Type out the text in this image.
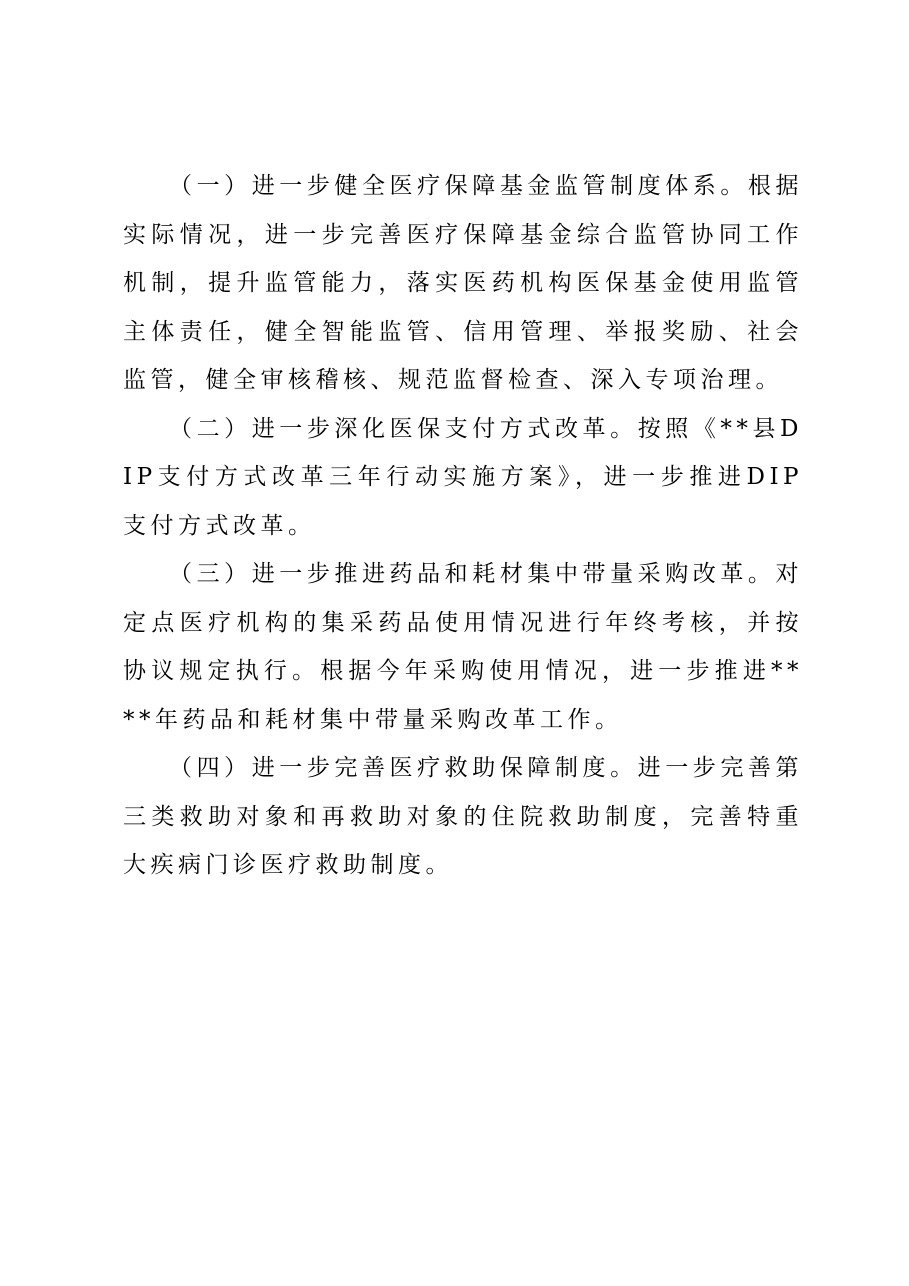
（一）进一步健全医疗保障基金监管制度体系。根据实际情况，进一步完善医疗保障基金综合监管协同工作机制，提升监管能力，落实医药机构医保基金使用监管主体责任，健全智能监管、信用管理、举报奖励、社会监管，健全审核稽核、规范监督检查、深入专项治理。

（二）进一步深化医保支付方式改革。按照《**县DIP支付方式改革三年行动实施方案》，进一步推进DIP支付方式改革。

（三）进一步推进药品和耗材集中带量采购改革。对定点医疗机构的集采药品使用情况进行年终考核，并按协议规定执行。根据今年采购使用情况，进一步推进****年药品和耗材集中带量采购改革工作。

（四）进一步完善医疗救助保障制度。进一步完善第三类救助对象和再救助对象的住院救助制度，完善特重大疾病门诊医疗救助制度。
